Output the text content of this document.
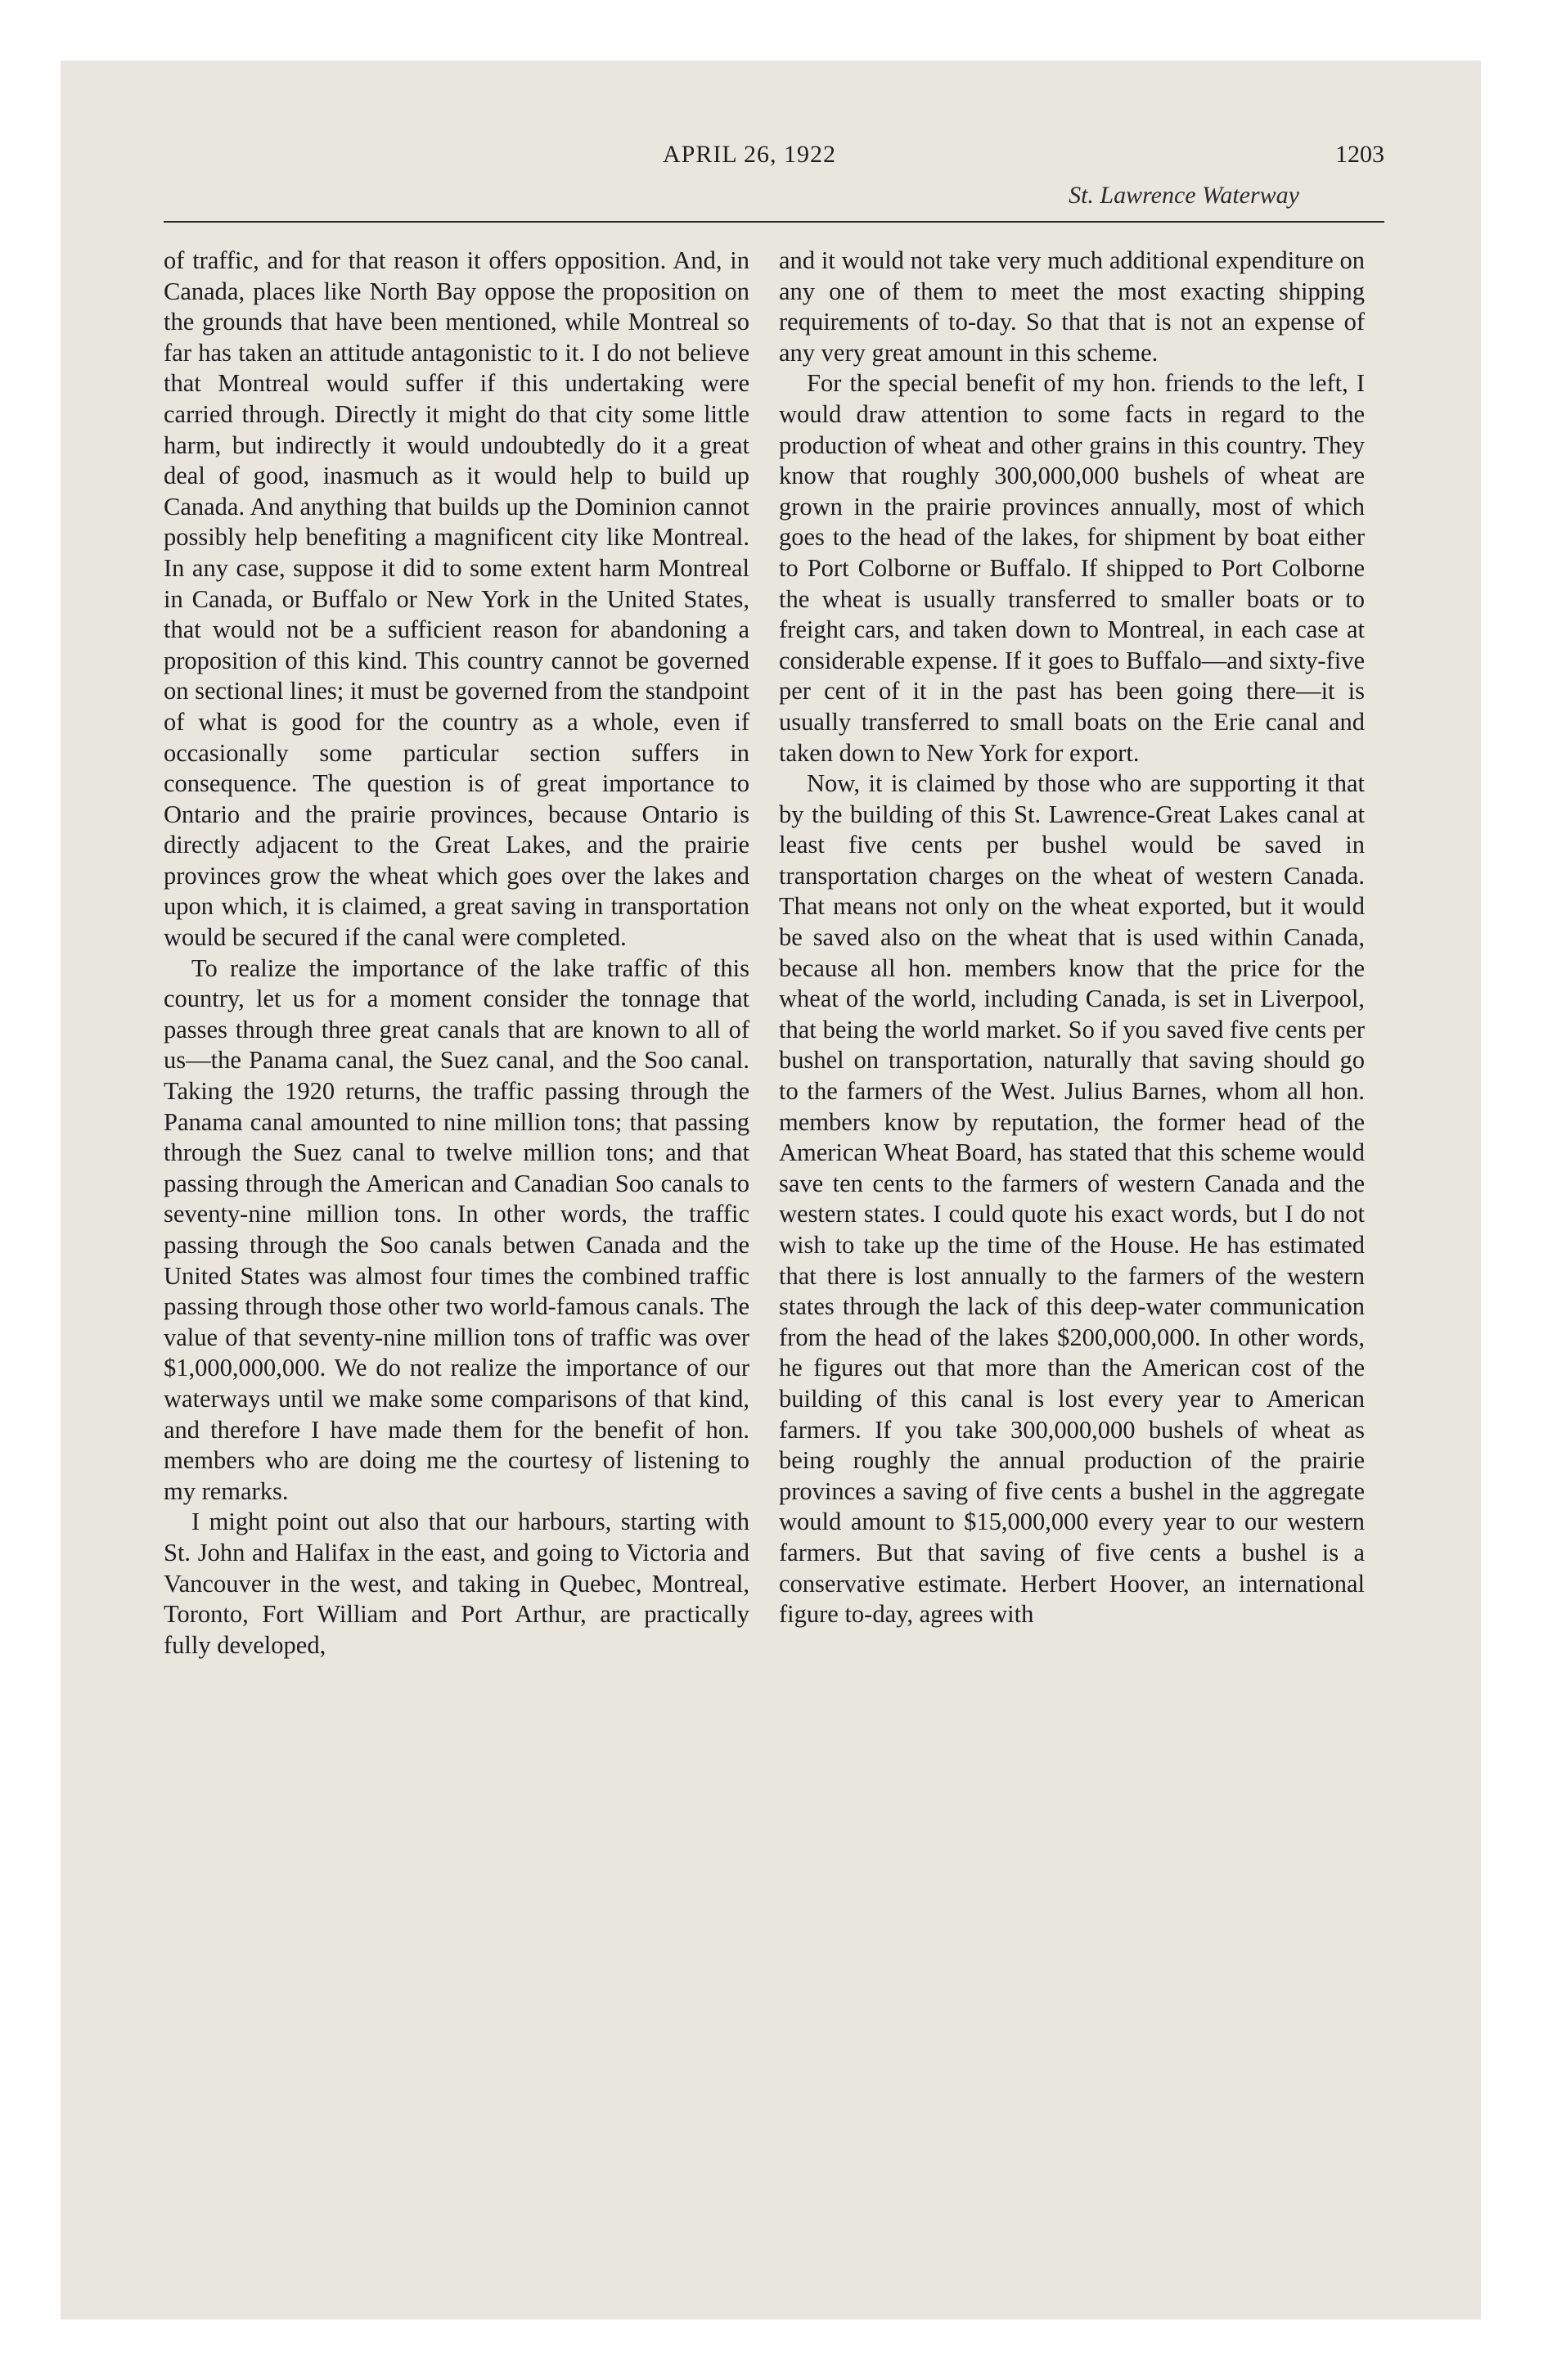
APRIL 26, 1922	1203
St. Lawrence Waterway

of traffic, and for that reason it offers opposition. And, in Canada, places like North Bay oppose the proposition on the grounds that have been mentioned, while Montreal so far has taken an attitude antagonistic to it. I do not believe that Montreal would suffer if this undertaking were carried through. Directly it might do that city some little harm, but indirectly it would undoubtedly do it a great deal of good, inasmuch as it would help to build up Canada. And anything that builds up the Dominion cannot possibly help benefiting a magnificent city like Montreal. In any case, suppose it did to some extent harm Montreal in Canada, or Buffalo or New York in the United States, that would not be a sufficient reason for abandoning a proposition of this kind. This country cannot be governed on sectional lines; it must be governed from the standpoint of what is good for the country as a whole, even if occasionally some particular section suffers in consequence. The question is of great importance to Ontario and the prairie provinces, because Ontario is directly adjacent to the Great Lakes, and the prairie provinces grow the wheat which goes over the lakes and upon which, it is claimed, a great saving in transportation would be secured if the canal were completed.

To realize the importance of the lake traffic of this country, let us for a moment consider the tonnage that passes through three great canals that are known to all of us—the Panama canal, the Suez canal, and the Soo canal. Taking the 1920 returns, the traffic passing through the Panama canal amounted to nine million tons; that passing through the Suez canal to twelve million tons; and that passing through the American and Canadian Soo canals to seventy-nine million tons. In other words, the traffic passing through the Soo canals betwen Canada and the United States was almost four times the combined traffic passing through those other two world-famous canals. The value of that seventy-nine million tons of traffic was over $1,000,000,000. We do not realize the importance of our waterways until we make some comparisons of that kind, and therefore I have made them for the benefit of hon. members who are doing me the courtesy of listening to my remarks.

I might point out also that our harbours, starting with St. John and Halifax in the east, and going to Victoria and Vancouver in the west, and taking in Quebec, Montreal, Toronto, Fort William and Port Arthur, are practically fully developed,

and it would not take very much additional expenditure on any one of them to meet the most exacting shipping requirements of to-day. So that that is not an expense of any very great amount in this scheme.

For the special benefit of my hon. friends to the left, I would draw attention to some facts in regard to the production of wheat and other grains in this country. They know that roughly 300,000,000 bushels of wheat are grown in the prairie provinces annually, most of which goes to the head of the lakes, for shipment by boat either to Port Colborne or Buffalo. If shipped to Port Colborne the wheat is usually transferred to smaller boats or to freight cars, and taken down to Montreal, in each case at considerable expense. If it goes to Buffalo—and sixty-five per cent of it in the past has been going there—it is usually transferred to small boats on the Erie canal and taken down to New York for export.

Now, it is claimed by those who are supporting it that by the building of this St. Lawrence-Great Lakes canal at least five cents per bushel would be saved in transportation charges on the wheat of western Canada. That means not only on the wheat exported, but it would be saved also on the wheat that is used within Canada, because all hon. members know that the price for the wheat of the world, including Canada, is set in Liverpool, that being the world market. So if you saved five cents per bushel on transportation, naturally that saving should go to the farmers of the West. Julius Barnes, whom all hon. members know by reputation, the former head of the American Wheat Board, has stated that this scheme would save ten cents to the farmers of western Canada and the western states. I could quote his exact words, but I do not wish to take up the time of the House. He has estimated that there is lost annually to the farmers of the western states through the lack of this deep-water communication from the head of the lakes $200,000,000. In other words, he figures out that more than the American cost of the building of this canal is lost every year to American farmers. If you take 300,000,000 bushels of wheat as being roughly the annual production of the prairie provinces a saving of five cents a bushel in the aggregate would amount to $15,000,000 every year to our western farmers. But that saving of five cents a bushel is a conservative estimate. Herbert Hoover, an international figure to-day, agrees with
